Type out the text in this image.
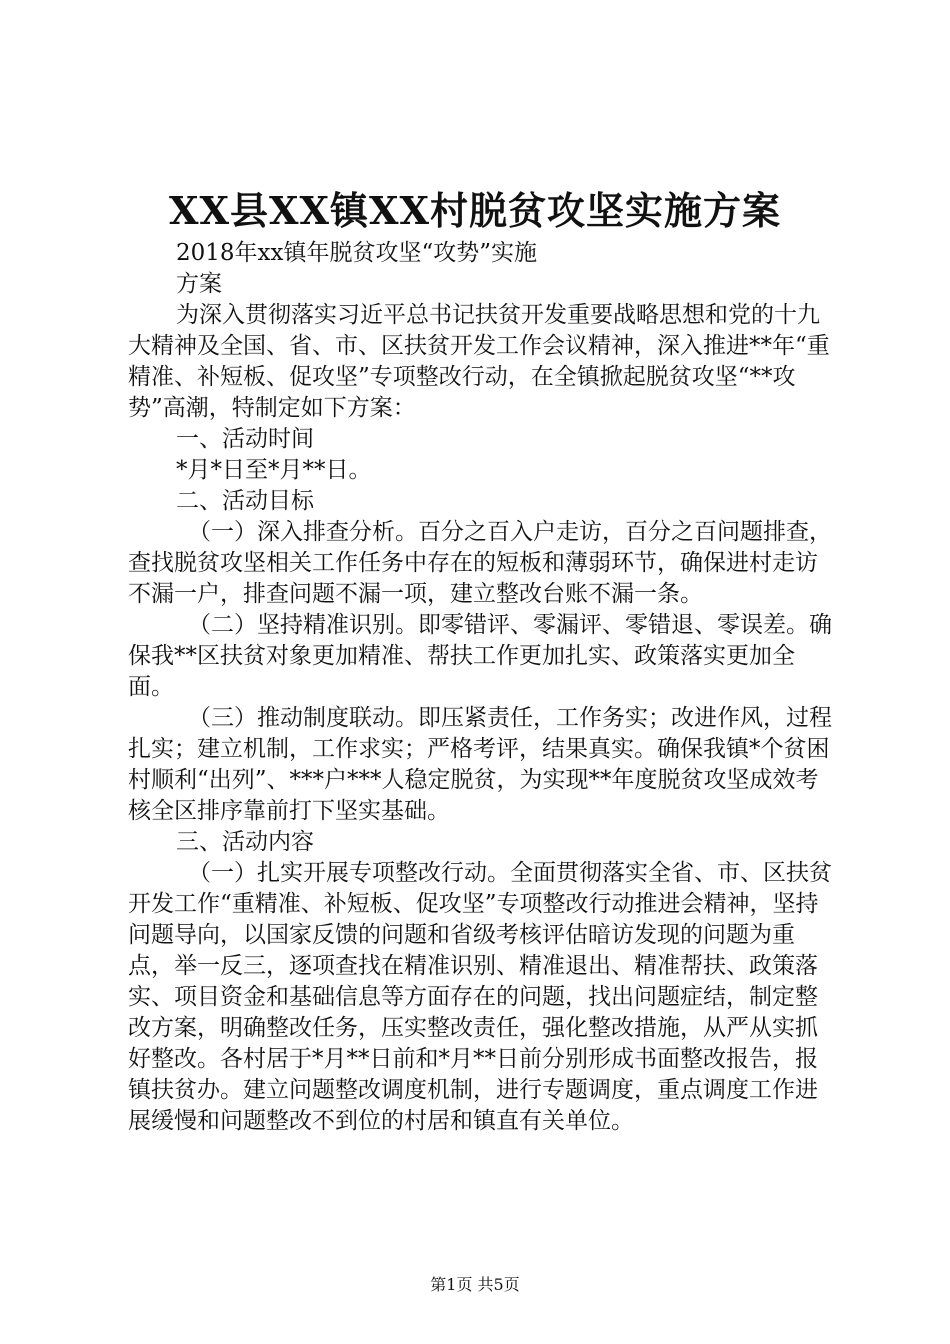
XX县XX镇XX村脱贫攻坚实施方案

2018年xx镇年脱贫攻坚“攻势”实施

方案

为深入贯彻落实习近平总书记扶贫开发重要战略思想和党的十九大精神及全国、省、市、区扶贫开发工作会议精神，深入推进**年“重精准、补短板、促攻坚”专项整改行动，在全镇掀起脱贫攻坚“**攻势”高潮，特制定如下方案：

一、活动时间

*月*日至*月**日。

二、活动目标

（一）深入排查分析。百分之百入户走访，百分之百问题排查，查找脱贫攻坚相关工作任务中存在的短板和薄弱环节，确保进村走访不漏一户，排查问题不漏一项，建立整改台账不漏一条。

（二）坚持精准识别。即零错评、零漏评、零错退、零误差。确保我**区扶贫对象更加精准、帮扶工作更加扎实、政策落实更加全面。

（三）推动制度联动。即压紧责任，工作务实；改进作风，过程扎实；建立机制，工作求实；严格考评，结果真实。确保我镇*个贫困村顺利“出列”、***户***人稳定脱贫，为实现**年度脱贫攻坚成效考核全区排序靠前打下坚实基础。

三、活动内容

（一）扎实开展专项整改行动。全面贯彻落实全省、市、区扶贫开发工作“重精准、补短板、促攻坚”专项整改行动推进会精神，坚持问题导向，以国家反馈的问题和省级考核评估暗访发现的问题为重点，举一反三，逐项查找在精准识别、精准退出、精准帮扶、政策落实、项目资金和基础信息等方面存在的问题，找出问题症结，制定整改方案，明确整改任务，压实整改责任，强化整改措施，从严从实抓好整改。各村居于*月**日前和*月**日前分别形成书面整改报告，报镇扶贫办。建立问题整改调度机制，进行专题调度，重点调度工作进展缓慢和问题整改不到位的村居和镇直有关单位。

第1页 共5页
